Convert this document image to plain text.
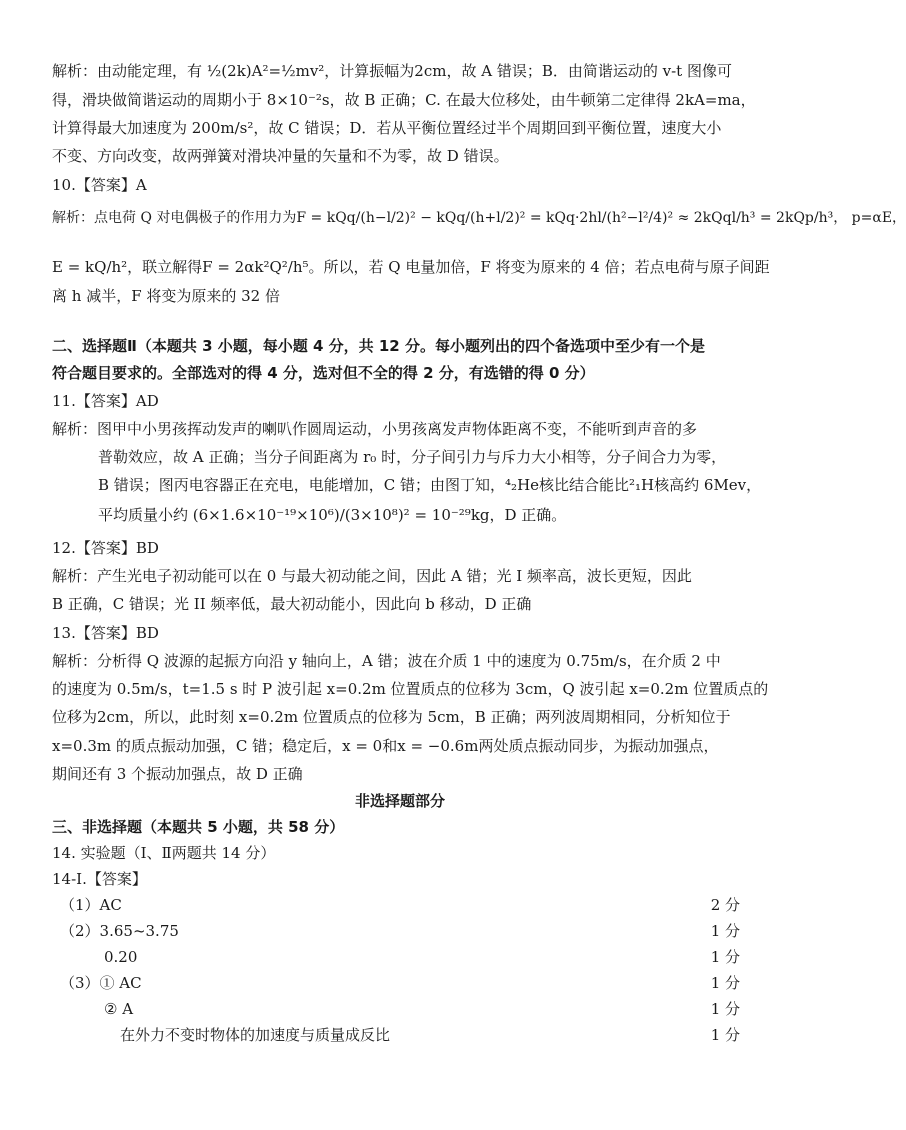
解析：由动能定理，有 ½(2k)A²=½mv²，计算振幅为2cm，故 A 错误；B．由简谐运动的 v-t 图像可
得，滑块做简谐运动的周期小于 8×10⁻²s，故 B 正确；C. 在最大位移处，由牛顿第二定律得 2kA=ma，
计算得最大加速度为 200m/s²，故 C 错误；D．若从平衡位置经过半个周期回到平衡位置，速度大小
不变、方向改变，故两弹簧对滑块冲量的矢量和不为零，故 D 错误。
10.【答案】A
解析：点电荷 Q 对电偶极子的作用力为F = kQq/(h−l/2)² − kQq/(h+l/2)² = kQq·2hl/(h²−l²/4)² ≈ 2kQql/h³ = 2kQp/h³， p=αE，
E = kQ/h²，联立解得F = 2αk²Q²/h⁵。所以，若 Q 电量加倍，F 将变为原来的 4 倍；若点电荷与原子间距
离 h 减半，F 将变为原来的 32 倍
二、选择题Ⅱ（本题共 3 小题，每小题 4 分，共 12 分。每小题列出的四个备选项中至少有一个是
符合题目要求的。全部选对的得 4 分，选对但不全的得 2 分，有选错的得 0 分）
11.【答案】AD
解析：图甲中小男孩挥动发声的喇叭作圆周运动，小男孩离发声物体距离不变，不能听到声音的多
普勒效应，故 A 正确；当分子间距离为 r₀ 时，分子间引力与斥力大小相等，分子间合力为零，
B 错误；图丙电容器正在充电，电能增加，C 错；由图丁知，⁴₂He核比结合能比²₁H核高约 6Mev，
平均质量小约 (6×1.6×10⁻¹⁹×10⁶)/(3×10⁸)² = 10⁻²⁹kg，D 正确。
12.【答案】BD
解析：产生光电子初动能可以在 0 与最大初动能之间，因此 A 错；光 I 频率高，波长更短，因此
B 正确，C 错误；光 II 频率低，最大初动能小，因此向 b 移动，D 正确
13.【答案】BD
解析：分析得 Q 波源的起振方向沿 y 轴向上，A 错；波在介质 1 中的速度为 0.75m/s，在介质 2 中
的速度为 0.5m/s，t=1.5 s 时 P 波引起 x=0.2m 位置质点的位移为 3cm，Q 波引起 x=0.2m 位置质点的
位移为2cm，所以，此时刻 x=0.2m 位置质点的位移为 5cm，B 正确；两列波周期相同，分析知位于
x=0.3m 的质点振动加强，C 错；稳定后，x = 0和x = −0.6m两处质点振动同步，为振动加强点，
期间还有 3 个振动加强点，故 D 正确
非选择题部分
三、非选择题（本题共 5 小题，共 58 分）
14. 实验题（Ⅰ、Ⅱ两题共 14 分）
14-Ⅰ.【答案】
（1）AC	2 分
（2）3.65~3.75	1 分
0.20	1 分
（3）① AC	1 分
② A	1 分
在外力不变时物体的加速度与质量成反比	1 分
